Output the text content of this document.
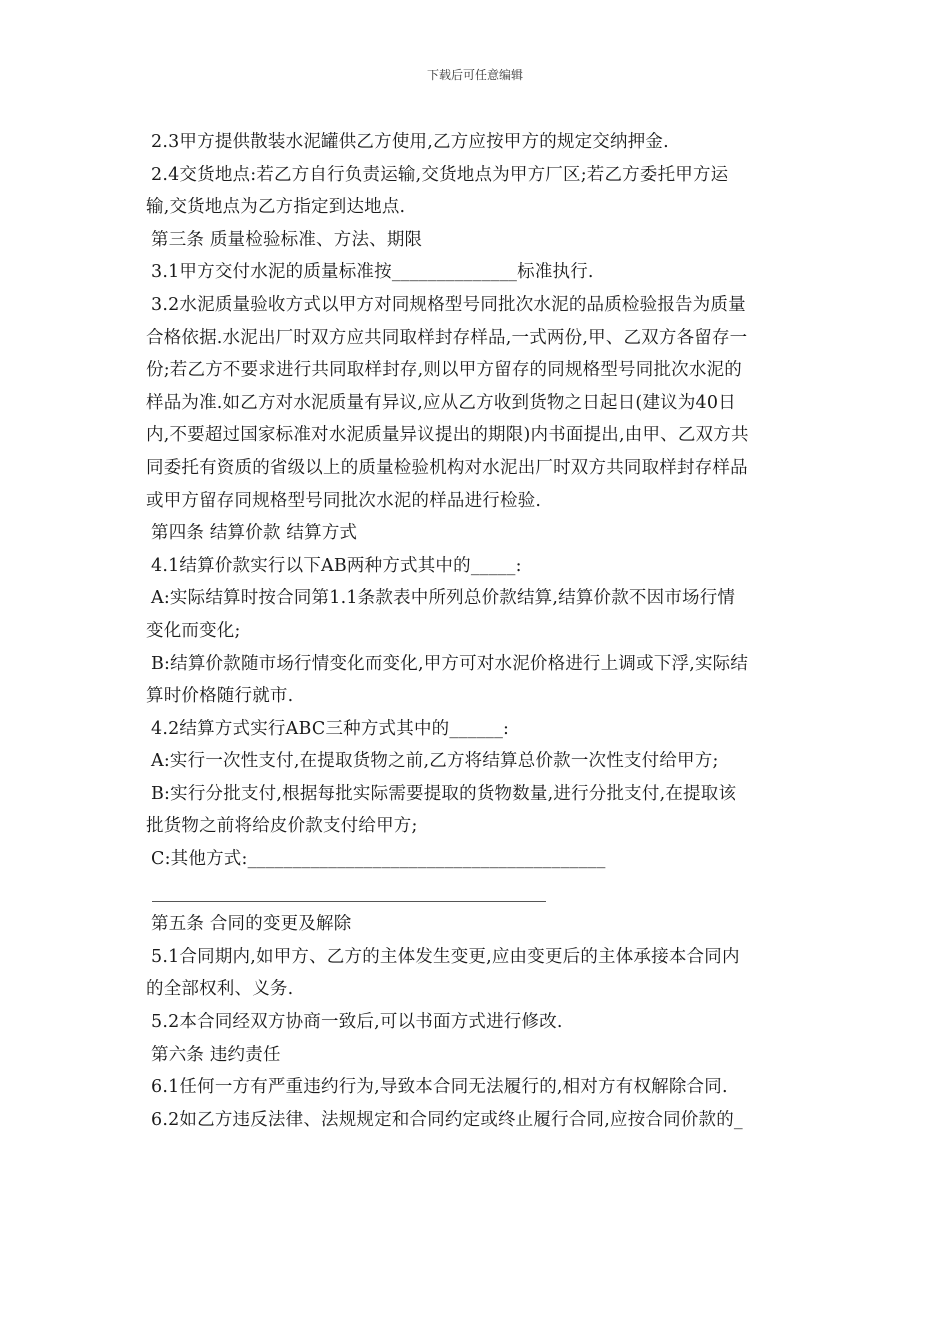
下载后可任意编辑
2.3甲方提供散装水泥罐供乙方使用,乙方应按甲方的规定交纳押金.
2.4交货地点:若乙方自行负责运输,交货地点为甲方厂区;若乙方委托甲方运
输,交货地点为乙方指定到达地点.
第三条 质量检验标准、方法、期限
3.1甲方交付水泥的质量标准按______________标准执行.
3.2水泥质量验收方式以甲方对同规格型号同批次水泥的品质检验报告为质量
合格依据.水泥出厂时双方应共同取样封存样品,一式两份,甲、乙双方各留存一
份;若乙方不要求进行共同取样封存,则以甲方留存的同规格型号同批次水泥的
样品为准.如乙方对水泥质量有异议,应从乙方收到货物之日起日(建议为40日
内,不要超过国家标准对水泥质量异议提出的期限)内书面提出,由甲、乙双方共
同委托有资质的省级以上的质量检验机构对水泥出厂时双方共同取样封存样品
或甲方留存同规格型号同批次水泥的样品进行检验.
第四条 结算价款 结算方式
4.1结算价款实行以下AB两种方式其中的_____:
A:实际结算时按合同第1.1条款表中所列总价款结算,结算价款不因市场行情
变化而变化;
B:结算价款随市场行情变化而变化,甲方可对水泥价格进行上调或下浮,实际结
算时价格随行就市.
4.2结算方式实行ABC三种方式其中的______:
A:实行一次性支付,在提取货物之前,乙方将结算总价款一次性支付给甲方;
B:实行分批支付,根据每批实际需要提取的货物数量,进行分批支付,在提取该
批货物之前将给皮价款支付给甲方;
C:其他方式:________________________________________
第五条 合同的变更及解除
5.1合同期内,如甲方、乙方的主体发生变更,应由变更后的主体承接本合同内
的全部权利、义务.
5.2本合同经双方协商一致后,可以书面方式进行修改.
第六条 违约责任
6.1任何一方有严重违约行为,导致本合同无法履行的,相对方有权解除合同.
6.2如乙方违反法律、法规规定和合同约定或终止履行合同,应按合同价款的_
